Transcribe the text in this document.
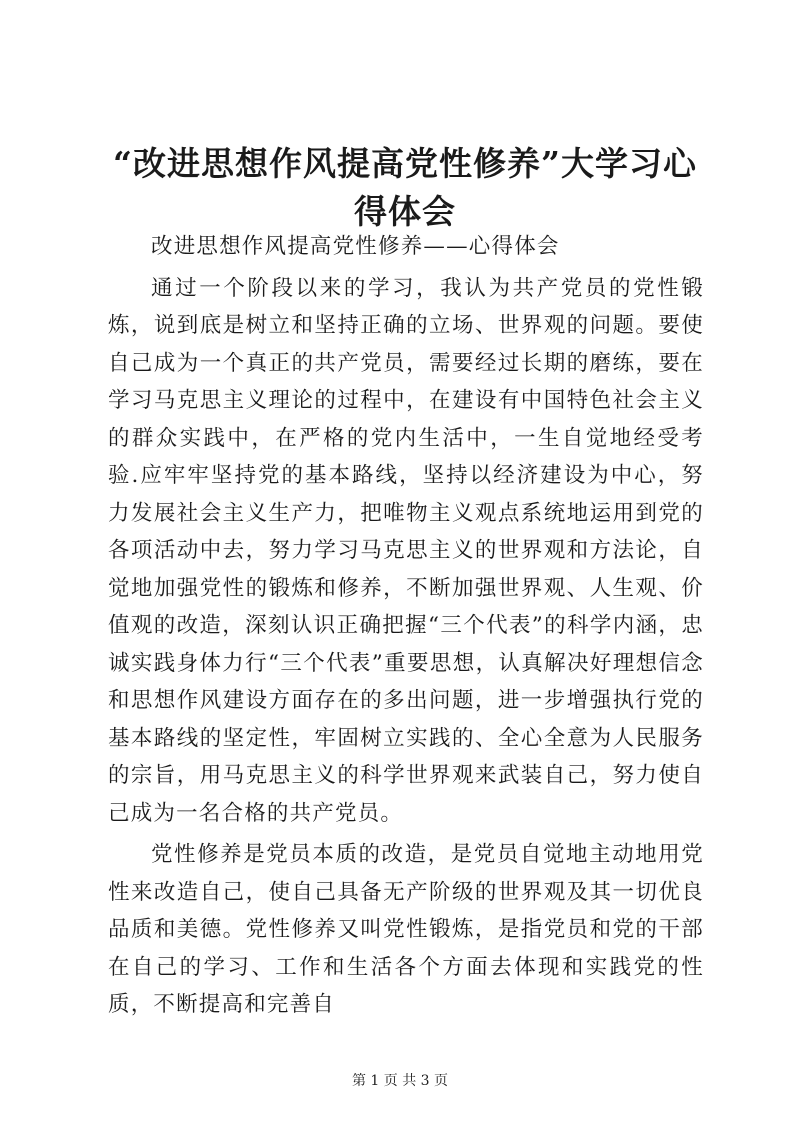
“改进思想作风提高党性修养”大学习心得体会

改进思想作风提高党性修养——心得体会

通过一个阶段以来的学习，我认为共产党员的党性锻炼，说到底是树立和坚持正确的立场、世界观的问题。要使自己成为一个真正的共产党员，需要经过长期的磨练，要在学习马克思主义理论的过程中，在建设有中国特色社会主义的群众实践中，在严格的党内生活中，一生自觉地经受考验.应牢牢坚持党的基本路线，坚持以经济建设为中心，努力发展社会主义生产力，把唯物主义观点系统地运用到党的各项活动中去，努力学习马克思主义的世界观和方法论，自觉地加强党性的锻炼和修养，不断加强世界观、人生观、价值观的改造，深刻认识正确把握“三个代表”的科学内涵，忠诚实践身体力行“三个代表”重要思想，认真解决好理想信念和思想作风建设方面存在的多出问题，进一步增强执行党的基本路线的坚定性，牢固树立实践的、全心全意为人民服务的宗旨，用马克思主义的科学世界观来武装自己，努力使自己成为一名合格的共产党员。

党性修养是党员本质的改造，是党员自觉地主动地用党性来改造自己，使自己具备无产阶级的世界观及其一切优良品质和美德。党性修养又叫党性锻炼，是指党员和党的干部在自己的学习、工作和生活各个方面去体现和实践党的性质，不断提高和完善自

第 1 页 共 3 页
